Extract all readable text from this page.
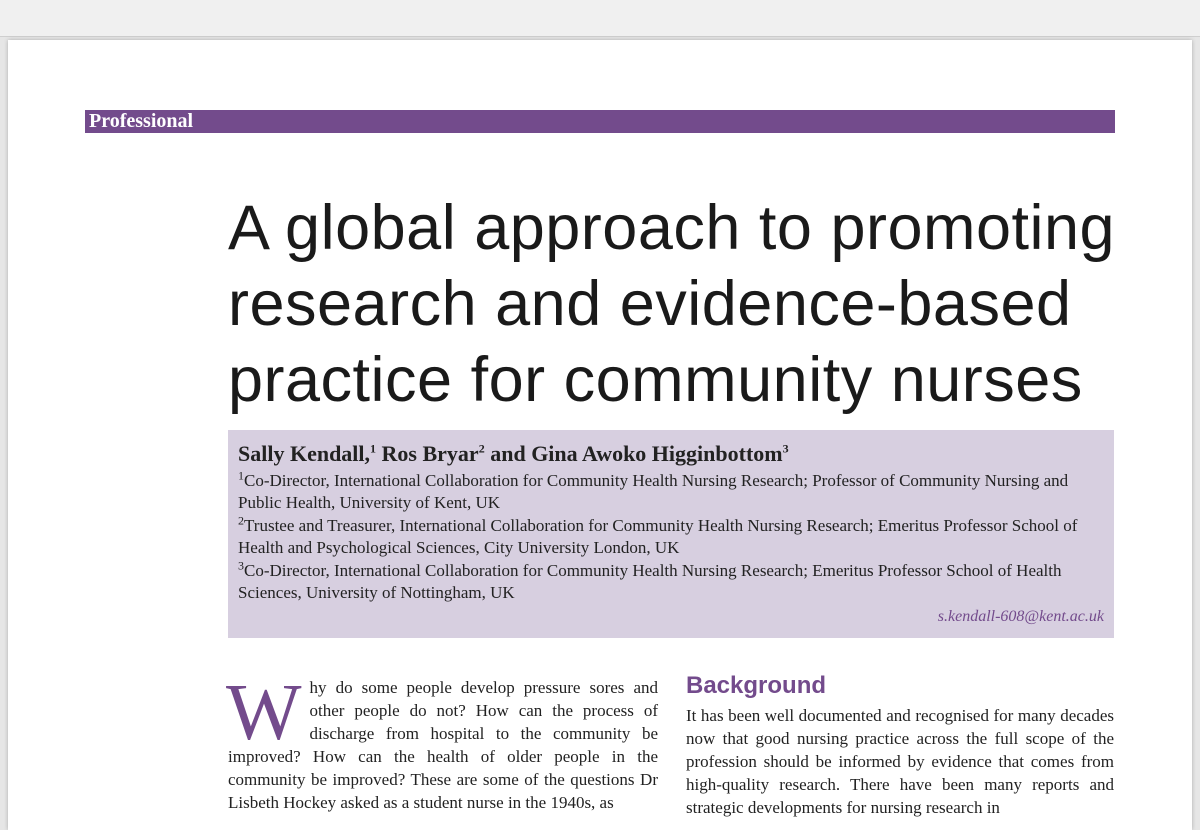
Professional
A global approach to promoting research and evidence-based practice for community nurses

Sally Kendall,$^1$ Ros Bryar$^2$ and Gina Awoko Higginbottom$^3$

$^1$Co-Director, International Collaboration for Community Health Nursing Research; Professor of Community Nursing and Public Health, University of Kent, UK

$^2$Trustee and Treasurer, International Collaboration for Community Health Nursing Research; Emeritus Professor School of Health and Psychological Sciences, City University London, UK

$^3$Co-Director, International Collaboration for Community Health Nursing Research; Emeritus Professor School of Health Sciences, University of Nottingham, UK

s.kendall-608@kent.ac.uk

Why do some people develop pressure sores and other people do not? How can the process of discharge from hospital to the community be improved? How can the health of older people in the community be improved? These are some of the questions Dr Lisbeth Hockey asked as a student nurse in the 1940s, as

Background

It has been well documented and recognised for many decades now that good nursing practice across the full scope of the profession should be informed by evidence that comes from high-quality research. There have been many reports and strategic developments for nursing research in
